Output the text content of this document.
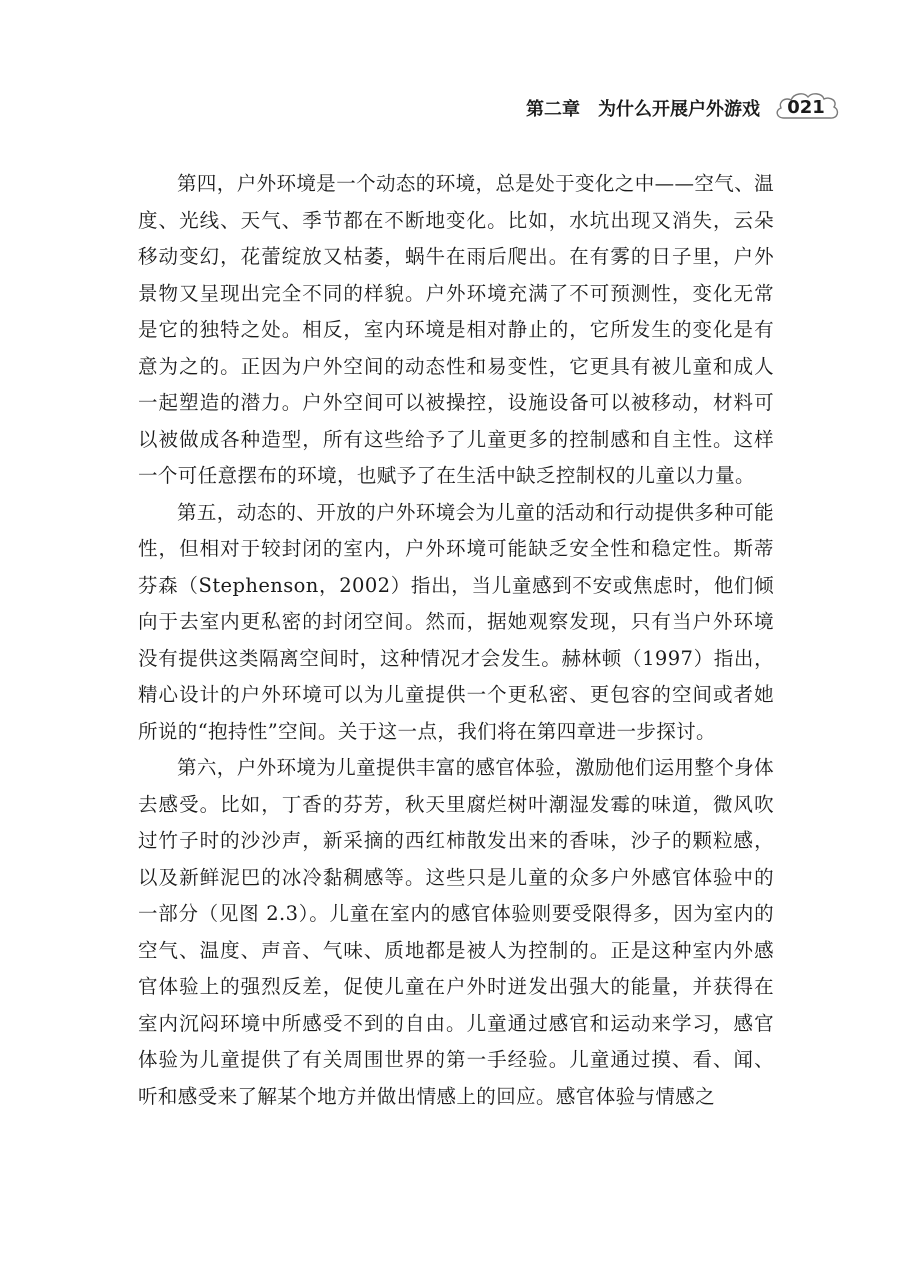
第二章　为什么开展户外游戏	021

第四，户外环境是一个动态的环境，总是处于变化之中——空气、温度、光线、天气、季节都在不断地变化。比如，水坑出现又消失，云朵移动变幻，花蕾绽放又枯萎，蜗牛在雨后爬出。在有雾的日子里，户外景物又呈现出完全不同的样貌。户外环境充满了不可预测性，变化无常是它的独特之处。相反，室内环境是相对静止的，它所发生的变化是有意为之的。正因为户外空间的动态性和易变性，它更具有被儿童和成人一起塑造的潜力。户外空间可以被操控，设施设备可以被移动，材料可以被做成各种造型，所有这些给予了儿童更多的控制感和自主性。这样一个可任意摆布的环境，也赋予了在生活中缺乏控制权的儿童以力量。

第五，动态的、开放的户外环境会为儿童的活动和行动提供多种可能性，但相对于较封闭的室内，户外环境可能缺乏安全性和稳定性。斯蒂芬森（Stephenson，2002）指出，当儿童感到不安或焦虑时，他们倾向于去室内更私密的封闭空间。然而，据她观察发现，只有当户外环境没有提供这类隔离空间时，这种情况才会发生。赫林顿（1997）指出，精心设计的户外环境可以为儿童提供一个更私密、更包容的空间或者她所说的“抱持性”空间。关于这一点，我们将在第四章进一步探讨。

第六，户外环境为儿童提供丰富的感官体验，激励他们运用整个身体去感受。比如，丁香的芬芳，秋天里腐烂树叶潮湿发霉的味道，微风吹过竹子时的沙沙声，新采摘的西红柿散发出来的香味，沙子的颗粒感，以及新鲜泥巴的冰冷黏稠感等。这些只是儿童的众多户外感官体验中的一部分（见图 2.3）。儿童在室内的感官体验则要受限得多，因为室内的空气、温度、声音、气味、质地都是被人为控制的。正是这种室内外感官体验上的强烈反差，促使儿童在户外时迸发出强大的能量，并获得在室内沉闷环境中所感受不到的自由。儿童通过感官和运动来学习，感官体验为儿童提供了有关周围世界的第一手经验。儿童通过摸、看、闻、听和感受来了解某个地方并做出情感上的回应。感官体验与情感之
